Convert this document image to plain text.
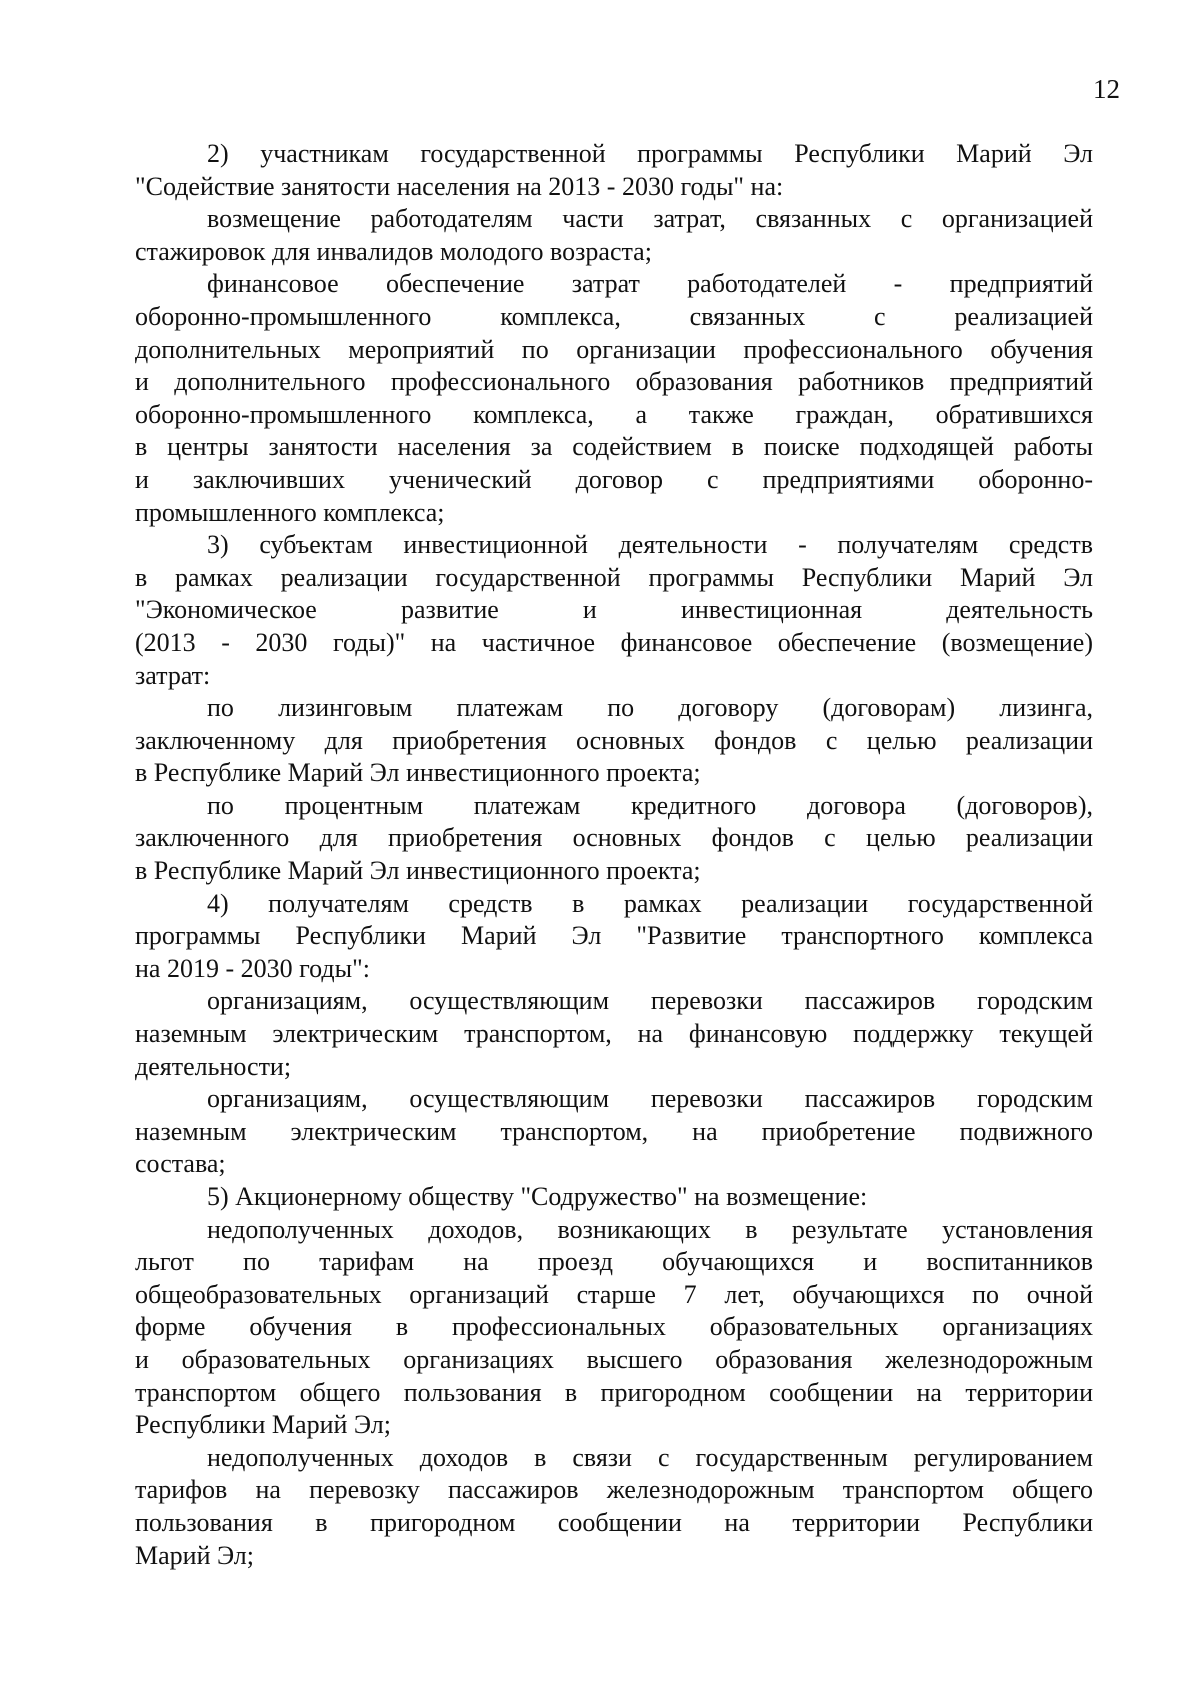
12
2) участникам государственной программы Республики Марий Эл
"Содействие занятости населения на 2013 - 2030 годы" на:
возмещение работодателям части затрат, связанных с организацией
стажировок для инвалидов молодого возраста;
финансовое обеспечение затрат работодателей - предприятий
оборонно-промышленного комплекса, связанных с реализацией
дополнительных мероприятий по организации профессионального обучения
и дополнительного профессионального образования работников предприятий
оборонно-промышленного комплекса, а также граждан, обратившихся
в центры занятости населения за содействием в поиске подходящей работы
и заключивших ученический договор с предприятиями оборонно-
промышленного комплекса;
3) субъектам инвестиционной деятельности - получателям средств
в рамках реализации государственной программы Республики Марий Эл
"Экономическое развитие и инвестиционная деятельность
(2013 - 2030 годы)" на частичное финансовое обеспечение (возмещение)
затрат:
по лизинговым платежам по договору (договорам) лизинга,
заключенному для приобретения основных фондов с целью реализации
в Республике Марий Эл инвестиционного проекта;
по процентным платежам кредитного договора (договоров),
заключенного для приобретения основных фондов с целью реализации
в Республике Марий Эл инвестиционного проекта;
4) получателям средств в рамках реализации государственной
программы Республики Марий Эл "Развитие транспортного комплекса
на 2019 - 2030 годы":
организациям, осуществляющим перевозки пассажиров городским
наземным электрическим транспортом, на финансовую поддержку текущей
деятельности;
организациям, осуществляющим перевозки пассажиров городским
наземным электрическим транспортом, на приобретение подвижного
состава;
5) Акционерному обществу "Содружество" на возмещение:
недополученных доходов, возникающих в результате установления
льгот по тарифам на проезд обучающихся и воспитанников
общеобразовательных организаций старше 7 лет, обучающихся по очной
форме обучения в профессиональных образовательных организациях
и образовательных организациях высшего образования железнодорожным
транспортом общего пользования в пригородном сообщении на территории
Республики Марий Эл;
недополученных доходов в связи с государственным регулированием
тарифов на перевозку пассажиров железнодорожным транспортом общего
пользования в пригородном сообщении на территории Республики
Марий Эл;
